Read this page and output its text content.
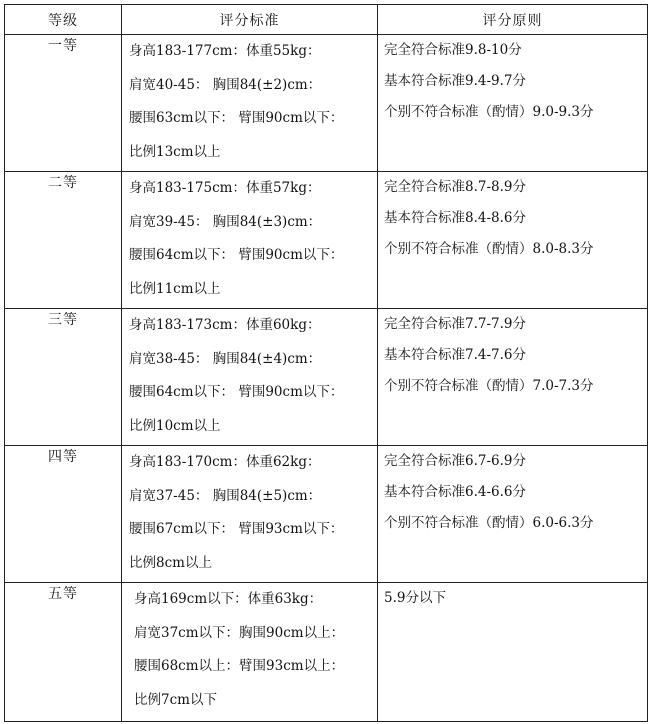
等级	评分标准	评分原则
一等	身高183-177cm：体重55kg：
肩宽40-45： 胸围84(±2)cm：
腰围63cm以下： 臂围90cm以下：
比例13cm以上	完全符合标准9.8-10分
基本符合标准9.4-9.7分
个别不符合标准（酌情）9.0-9.3分

二等	身高183-175cm：体重57kg：
肩宽39-45： 胸围84(±3)cm：
腰围64cm以下： 臂围90cm以下：
比例11cm以上	完全符合标准8.7-8.9分
基本符合标准8.4-8.6分
个别不符合标准（酌情）8.0-8.3分

三等	身高183-173cm：体重60kg：
肩宽38-45： 胸围84(±4)cm：
腰围64cm以下： 臂围90cm以下：
比例10cm以上	完全符合标准7.7-7.9分
基本符合标准7.4-7.6分
个别不符合标准（酌情）7.0-7.3分

四等	身高183-170cm：体重62kg：
肩宽37-45： 胸围84(±5)cm：
腰围67cm以下： 臂围93cm以下：
比例8cm以上	完全符合标准6.7-6.9分
基本符合标准6.4-6.6分
个别不符合标准（酌情）6.0-6.3分

五等	身高169cm以下：体重63kg：
肩宽37cm以下：胸围90cm以上：
腰围68cm以上：臂围93cm以上：
比例7cm以下	5.9分以下
